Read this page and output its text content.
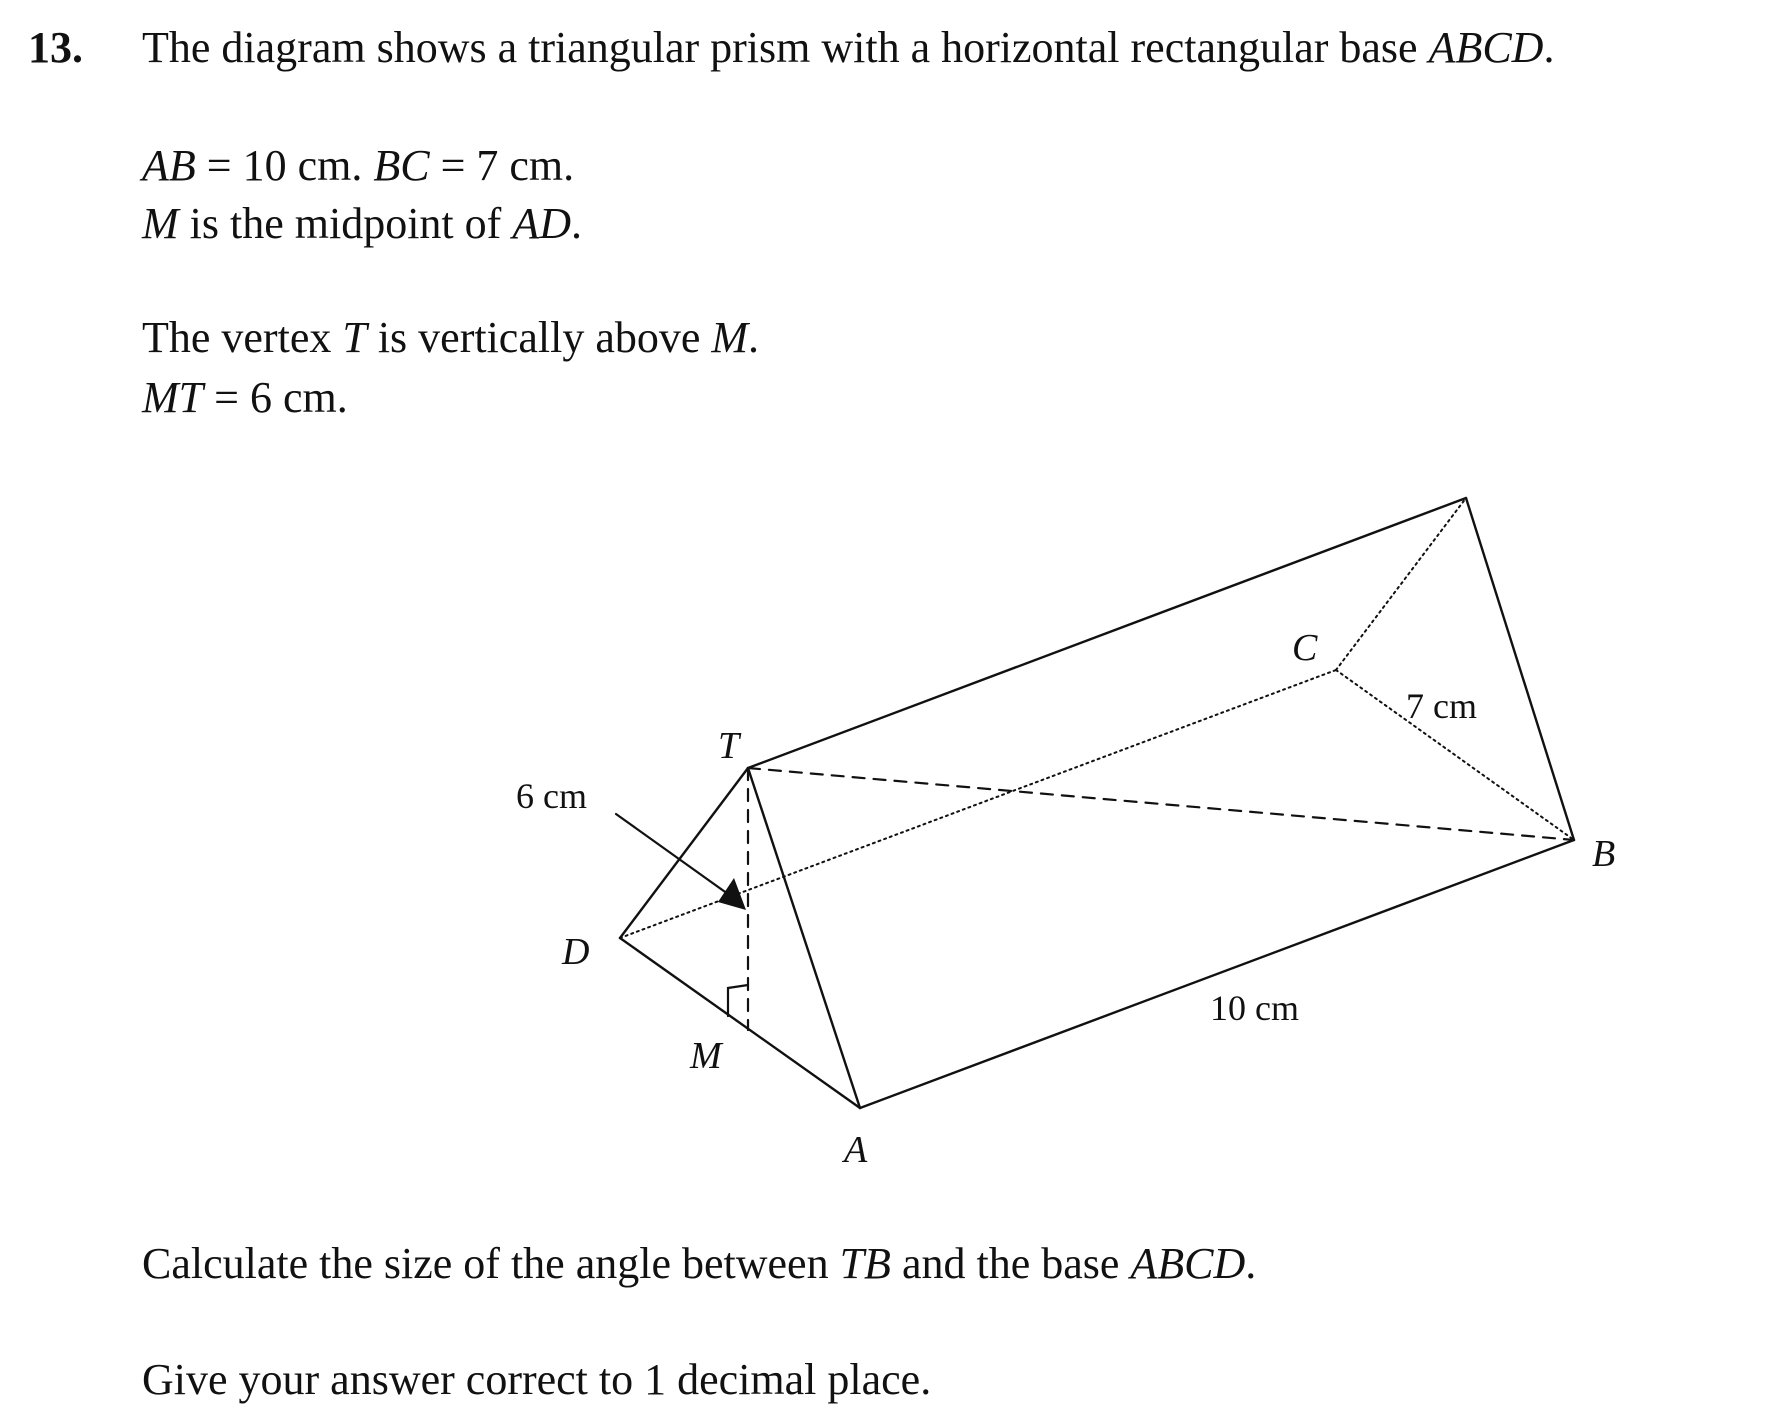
13. The diagram shows a triangular prism with a horizontal rectangular base ABCD.
AB = 10 cm. BC = 7 cm.
M is the midpoint of AD.
The vertex T is vertically above M.
MT = 6 cm.
T
D
M
A
B
C
6 cm
10 cm
7 cm
Calculate the size of the angle between TB and the base ABCD.
Give your answer correct to 1 decimal place.
